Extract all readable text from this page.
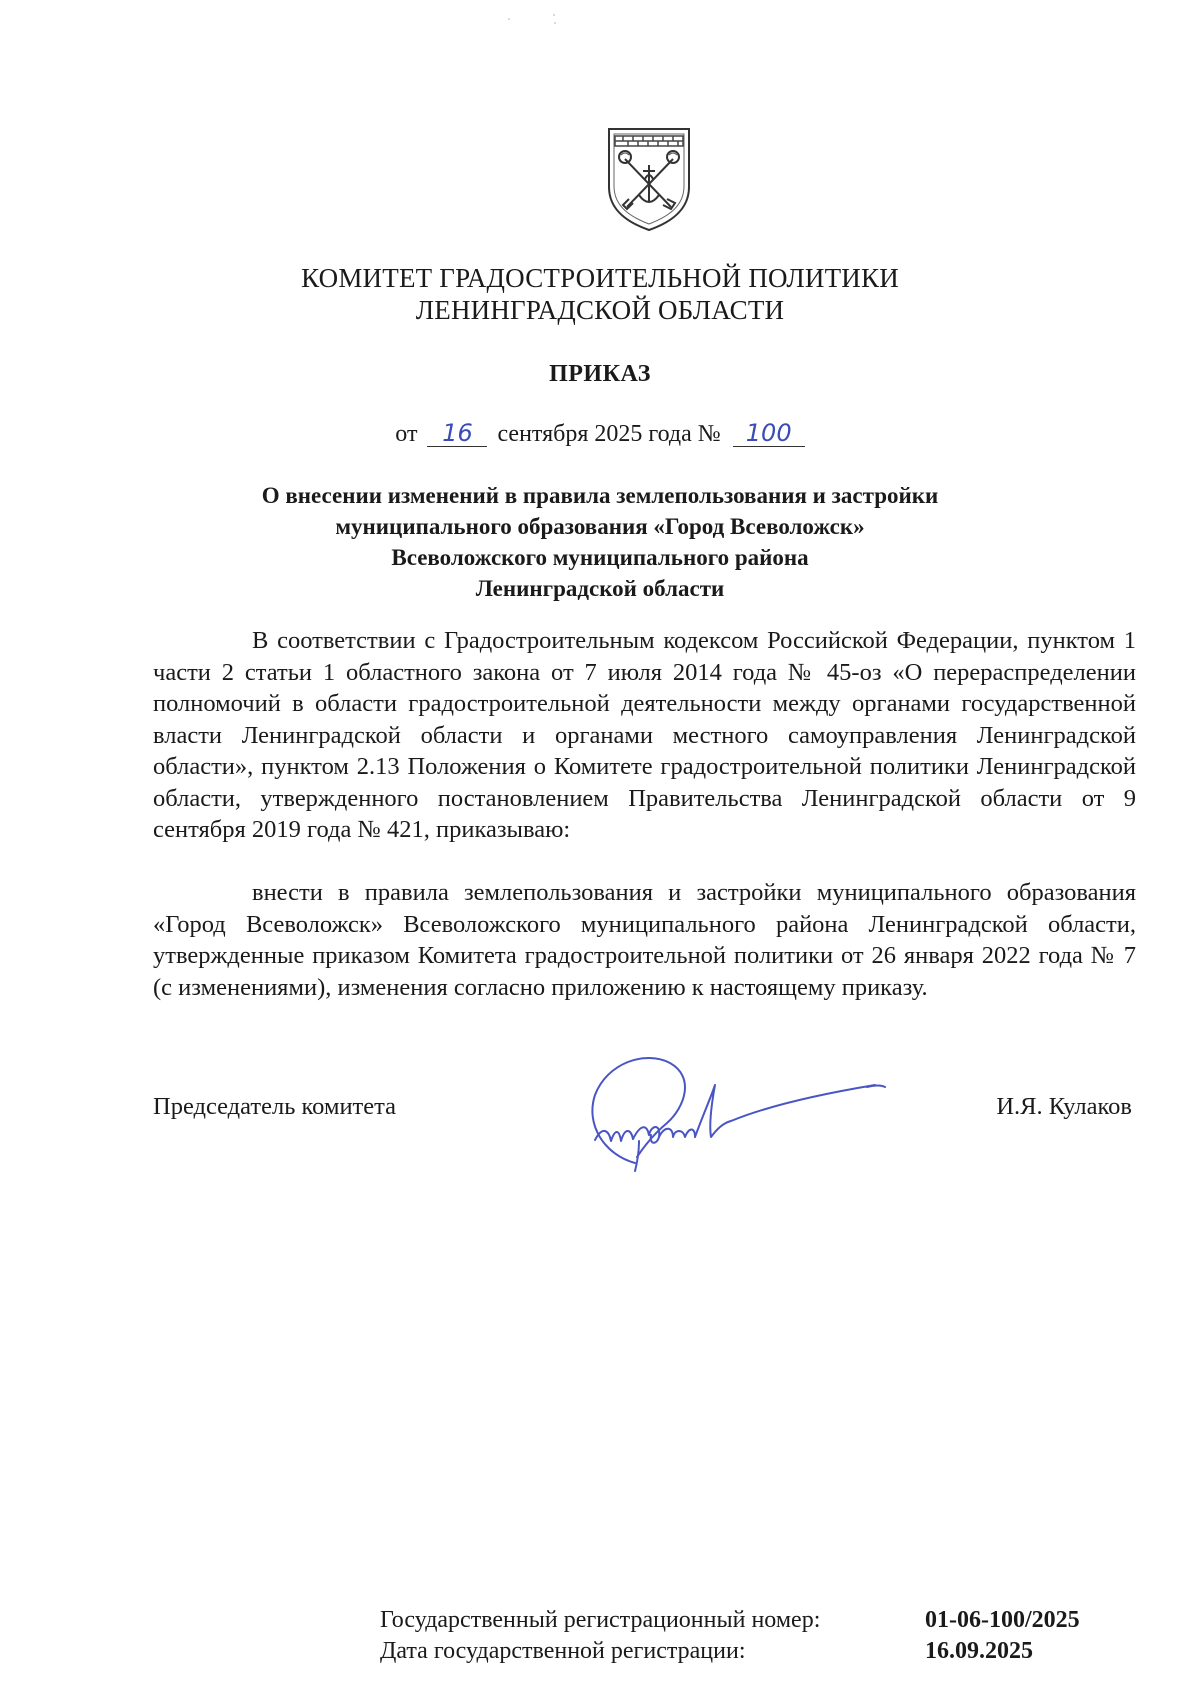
КОМИТЕТ ГРАДОСТРОИТЕЛЬНОЙ ПОЛИТИКИ
ЛЕНИНГРАДСКОЙ ОБЛАСТИ
ПРИКАЗ
от 16 сентября 2025 года № 100
О внесении изменений в правила землепользования и застройки
муниципального образования «Город Всеволожск»
Всеволожского муниципального района
Ленинградской области
В соответствии с Градостроительным кодексом Российской Федерации, пунктом 1 части 2 статьи 1 областного закона от 7 июля 2014 года № 45-оз «О перераспределении полномочий в области градостроительной деятельности между органами государственной власти Ленинградской области и органами местного самоуправления Ленинградской области», пунктом 2.13 Положения о Комитете градостроительной политики Ленинградской области, утвержденного постановлением Правительства Ленинградской области от 9 сентября 2019 года № 421, приказываю:
внести в правила землепользования и застройки муниципального образования «Город Всеволожск» Всеволожского муниципального района Ленинградской области, утвержденные приказом Комитета градостроительной политики от 26 января 2022 года № 7 (с изменениями), изменения согласно приложению к настоящему приказу.
Председатель комитета	И.Я. Кулаков
Государственный регистрационный номер:	01-06-100/2025
Дата государственной регистрации:	16.09.2025
